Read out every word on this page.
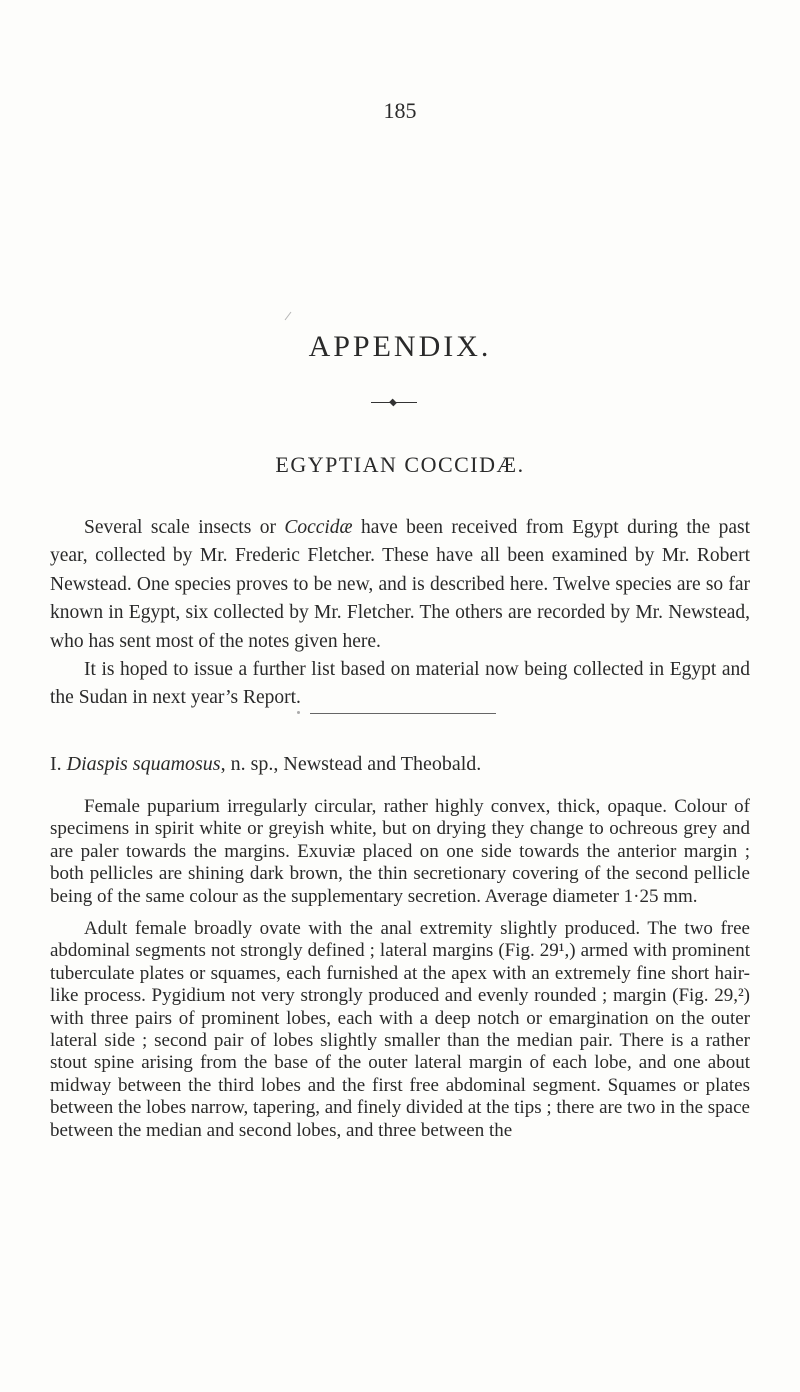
185
APPENDIX.
EGYPTIAN COCCIDÆ.

Several scale insects or Coccidæ have been received from Egypt during the past year, collected by Mr. Frederic Fletcher. These have all been examined by Mr. Robert Newstead. One species proves to be new, and is described here. Twelve species are so far known in Egypt, six collected by Mr. Fletcher. The others are recorded by Mr. Newstead, who has sent most of the notes given here.

It is hoped to issue a further list based on material now being collected in Egypt and the Sudan in next year’s Report.

I. Diaspis squamosus, n. sp., Newstead and Theobald.

Female puparium irregularly circular, rather highly convex, thick, opaque. Colour of specimens in spirit white or greyish white, but on drying they change to ochreous grey and are paler towards the margins. Exuviæ placed on one side towards the anterior margin ; both pellicles are shining dark brown, the thin secretionary covering of the second pellicle being of the same colour as the supplementary secretion. Average diameter 1·25 mm.

Adult female broadly ovate with the anal extremity slightly produced. The two free abdominal segments not strongly defined ; lateral margins (Fig. 29¹,) armed with prominent tuberculate plates or squames, each furnished at the apex with an extremely fine short hair-like process. Pygidium not very strongly produced and evenly rounded ; margin (Fig. 29,²) with three pairs of prominent lobes, each with a deep notch or emargination on the outer lateral side ; second pair of lobes slightly smaller than the median pair. There is a rather stout spine arising from the base of the outer lateral margin of each lobe, and one about midway between the third lobes and the first free abdominal segment. Squames or plates between the lobes narrow, tapering, and finely divided at the tips ; there are two in the space between the median and second lobes, and three between the
